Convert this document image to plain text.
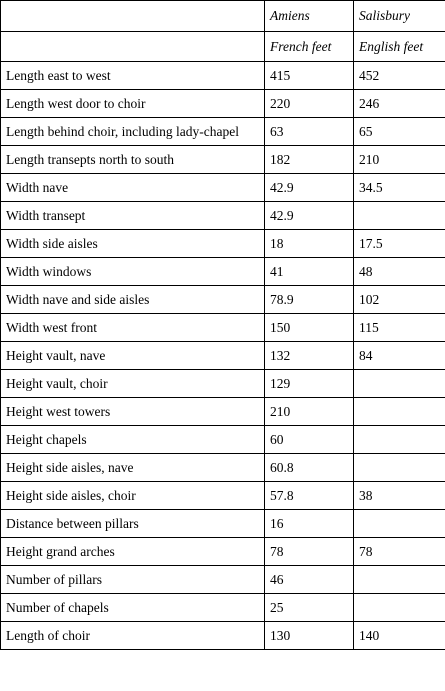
	Amiens	Salisbury
	French feet	English feet
Length east to west	415	452
Length west door to choir	220	246
Length behind choir, including lady-chapel	63	65
Length transepts north to south	182	210
Width nave	42.9	34.5
Width transept	42.9	
Width side aisles	18	17.5
Width windows	41	48
Width nave and side aisles	78.9	102
Width west front	150	115
Height vault, nave	132	84
Height vault, choir	129	
Height west towers	210	
Height chapels	60	
Height side aisles, nave	60.8	
Height side aisles, choir	57.8	38
Distance between pillars	16	
Height grand arches	78	78
Number of pillars	46	
Number of chapels	25	
Length of choir	130	140
